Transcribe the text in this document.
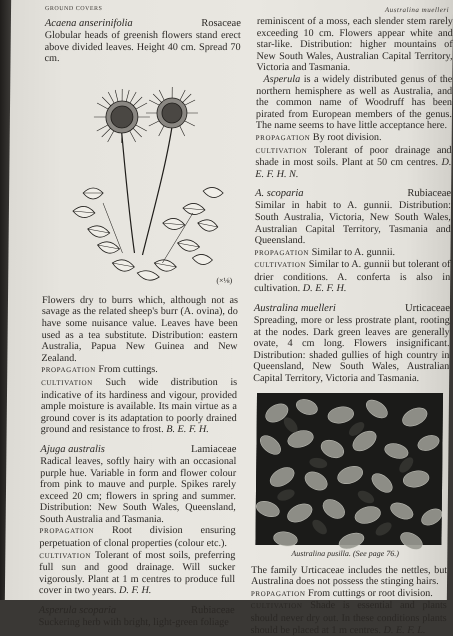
GROUND COVERS
Acaena anserinifolia	Rosaceae
Globular heads of greenish flowers stand erect above divided leaves. Height 40 cm. Spread 70 cm.
(×⅛)
Flowers dry to burrs which, although not as savage as the related sheep's burr (A. ovina), do have some nuisance value. Leaves have been used as a tea substitute. Distribution: eastern Australia, Papua New Guinea and New Zealand.
PROPAGATION From cuttings.
CULTIVATION Such wide distribution is indicative of its hardiness and vigour, provided ample moisture is available. Its main virtue as a ground cover is its adaptation to poorly drained ground and resistance to frost. B. E. F. H.
Ajuga australis	Lamiaceae
Radical leaves, softly hairy with an occasional purple hue. Variable in form and flower colour from pink to mauve and purple. Spikes rarely exceed 20 cm; flowers in spring and summer. Distribution: New South Wales, Queensland, South Australia and Tasmania.
PROPAGATION Root division ensuring perpetuation of clonal properties (colour etc.).
CULTIVATION Tolerant of most soils, preferring full sun and good drainage. Will sucker vigorously. Plant at 1 m centres to produce full cover in two years. D. F. H.
Asperula scoparia	Rubiaceae
Suckering herb with bright, light-green foliage
Australina muelleri
reminiscent of a moss, each slender stem rarely exceeding 10 cm. Flowers appear white and star-like. Distribution: higher mountains of New South Wales, Australian Capital Territory, Victoria and Tasmania.
Asperula is a widely distributed genus of the northern hemisphere as well as Australia, and the common name of Woodruff has been pirated from European members of the genus. The name seems to have little acceptance here.
PROPAGATION By root division.
CULTIVATION Tolerant of poor drainage and shade in most soils. Plant at 50 cm centres. D. E. F. H. N.
A. scoparia	Rubiaceae
Similar in habit to A. gunnii. Distribution: South Australia, Victoria, New South Wales, Australian Capital Territory, Tasmania and Queensland.
PROPAGATION Similar to A. gunnii.
CULTIVATION Similar to A. gunnii but tolerant of drier conditions. A. conferta is also in cultivation. D. E. F. H.
Australina muelleri	Urticaceae
Spreading, more or less prostrate plant, rooting at the nodes. Dark green leaves are generally ovate, 4 cm long. Flowers insignificant. Distribution: shaded gullies of high country in Queensland, New South Wales, Australian Capital Territory, Victoria and Tasmania.
Australina pusilla. (See page 76.)
The family Urticaceae includes the nettles, but Australina does not possess the stinging hairs.
PROPAGATION From cuttings or root division.
CULTIVATION Shade is essential and plants should never dry out. In these conditions plants should be placed at 1 m centres. D. E. F. L.
